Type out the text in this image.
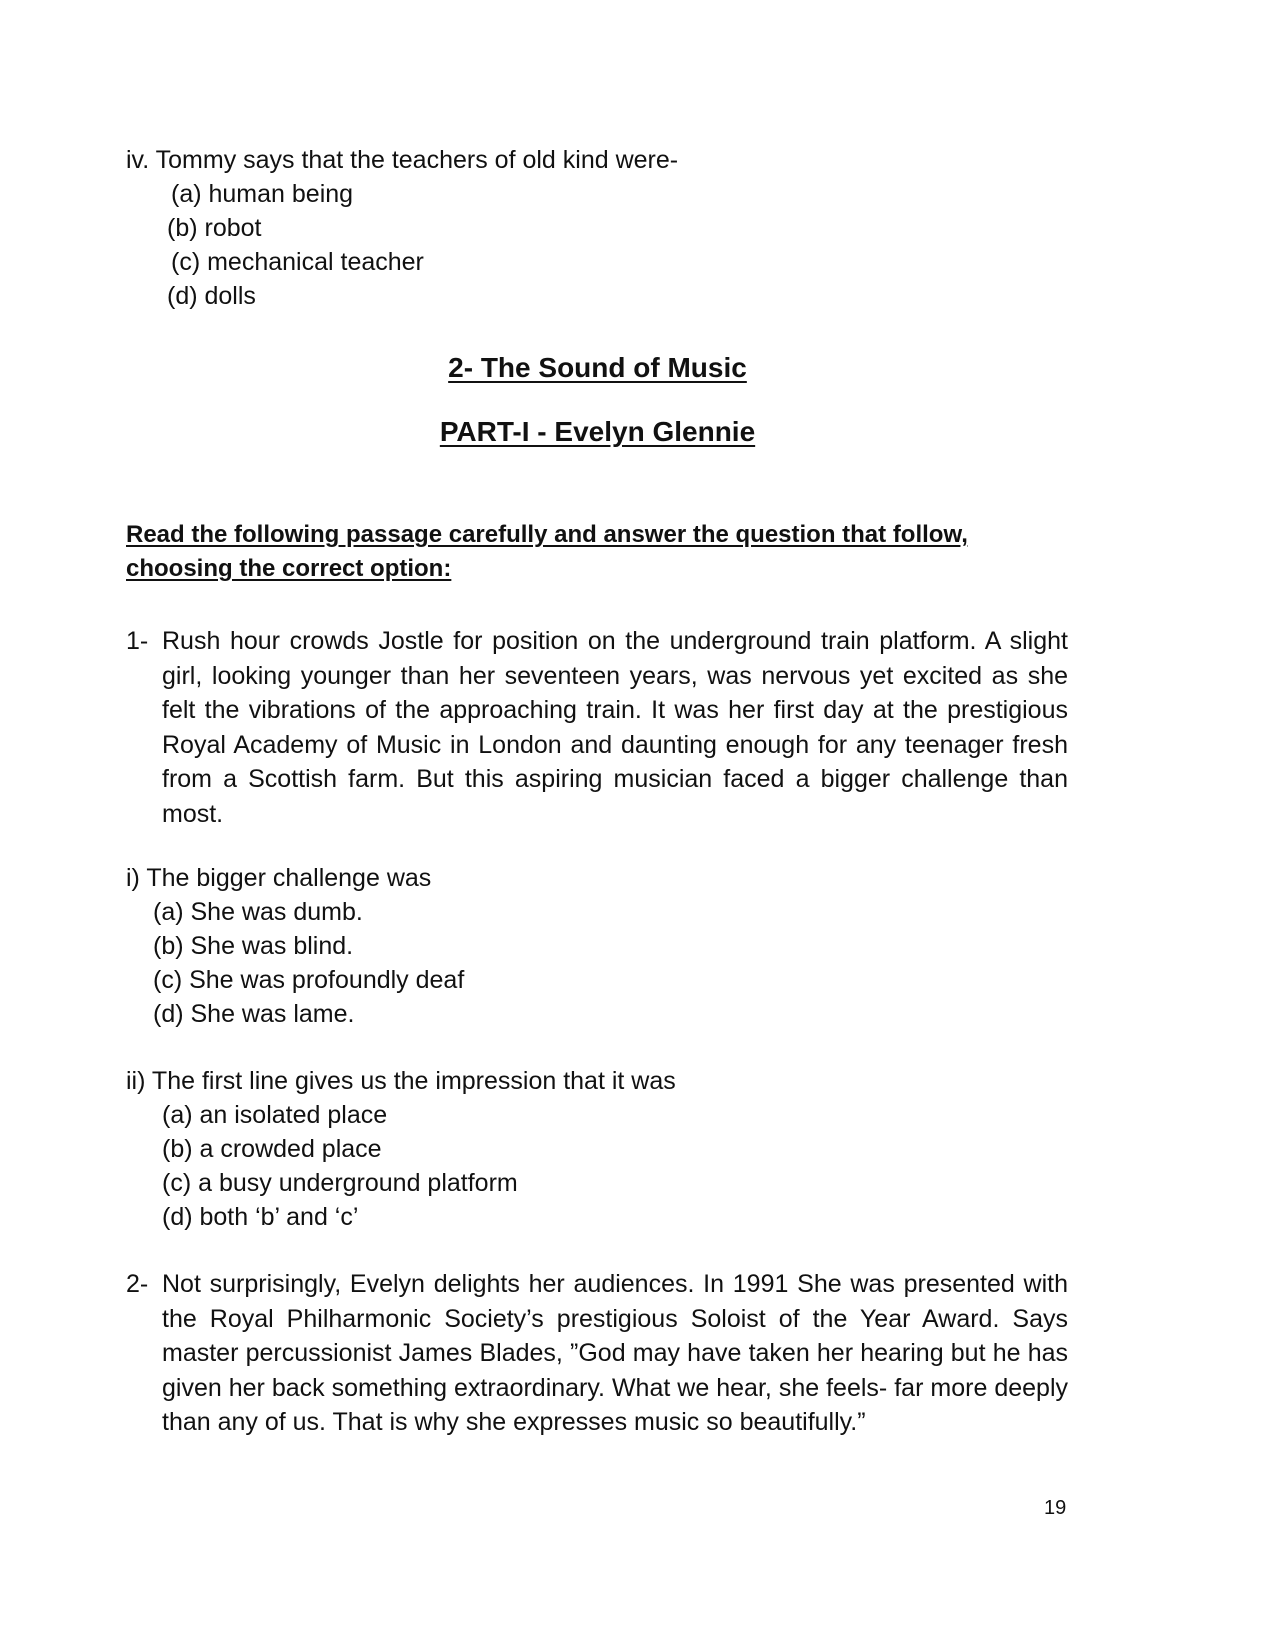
iv. Tommy says that the teachers of old kind were-
(a) human being
(b) robot
(c) mechanical teacher
(d) dolls
2- The Sound of Music
PART-I - Evelyn Glennie
Read the following passage carefully and answer the question that follow, choosing the correct option:
1- Rush hour crowds Jostle for position on the underground train platform. A slight girl, looking younger than her seventeen years, was nervous yet excited as she felt the vibrations of the approaching train. It was her first day at the prestigious Royal Academy of Music in London and daunting enough for any teenager fresh from a Scottish farm. But this aspiring musician faced a bigger challenge than most.
i) The bigger challenge was
(a) She was dumb.
(b) She was blind.
(c) She was profoundly deaf
(d) She was lame.
ii) The first line gives us the impression that it was
(a) an isolated place
(b) a crowded place
(c) a busy underground platform
(d) both ‘b’ and ‘c’
2- Not surprisingly, Evelyn delights her audiences. In 1991 She was presented with the Royal Philharmonic Society’s prestigious Soloist of the Year Award. Says master percussionist James Blades, ”God may have taken her hearing but he has given her back something extraordinary. What we hear, she feels- far more deeply than any of us. That is why she expresses music so beautifully.”
19
